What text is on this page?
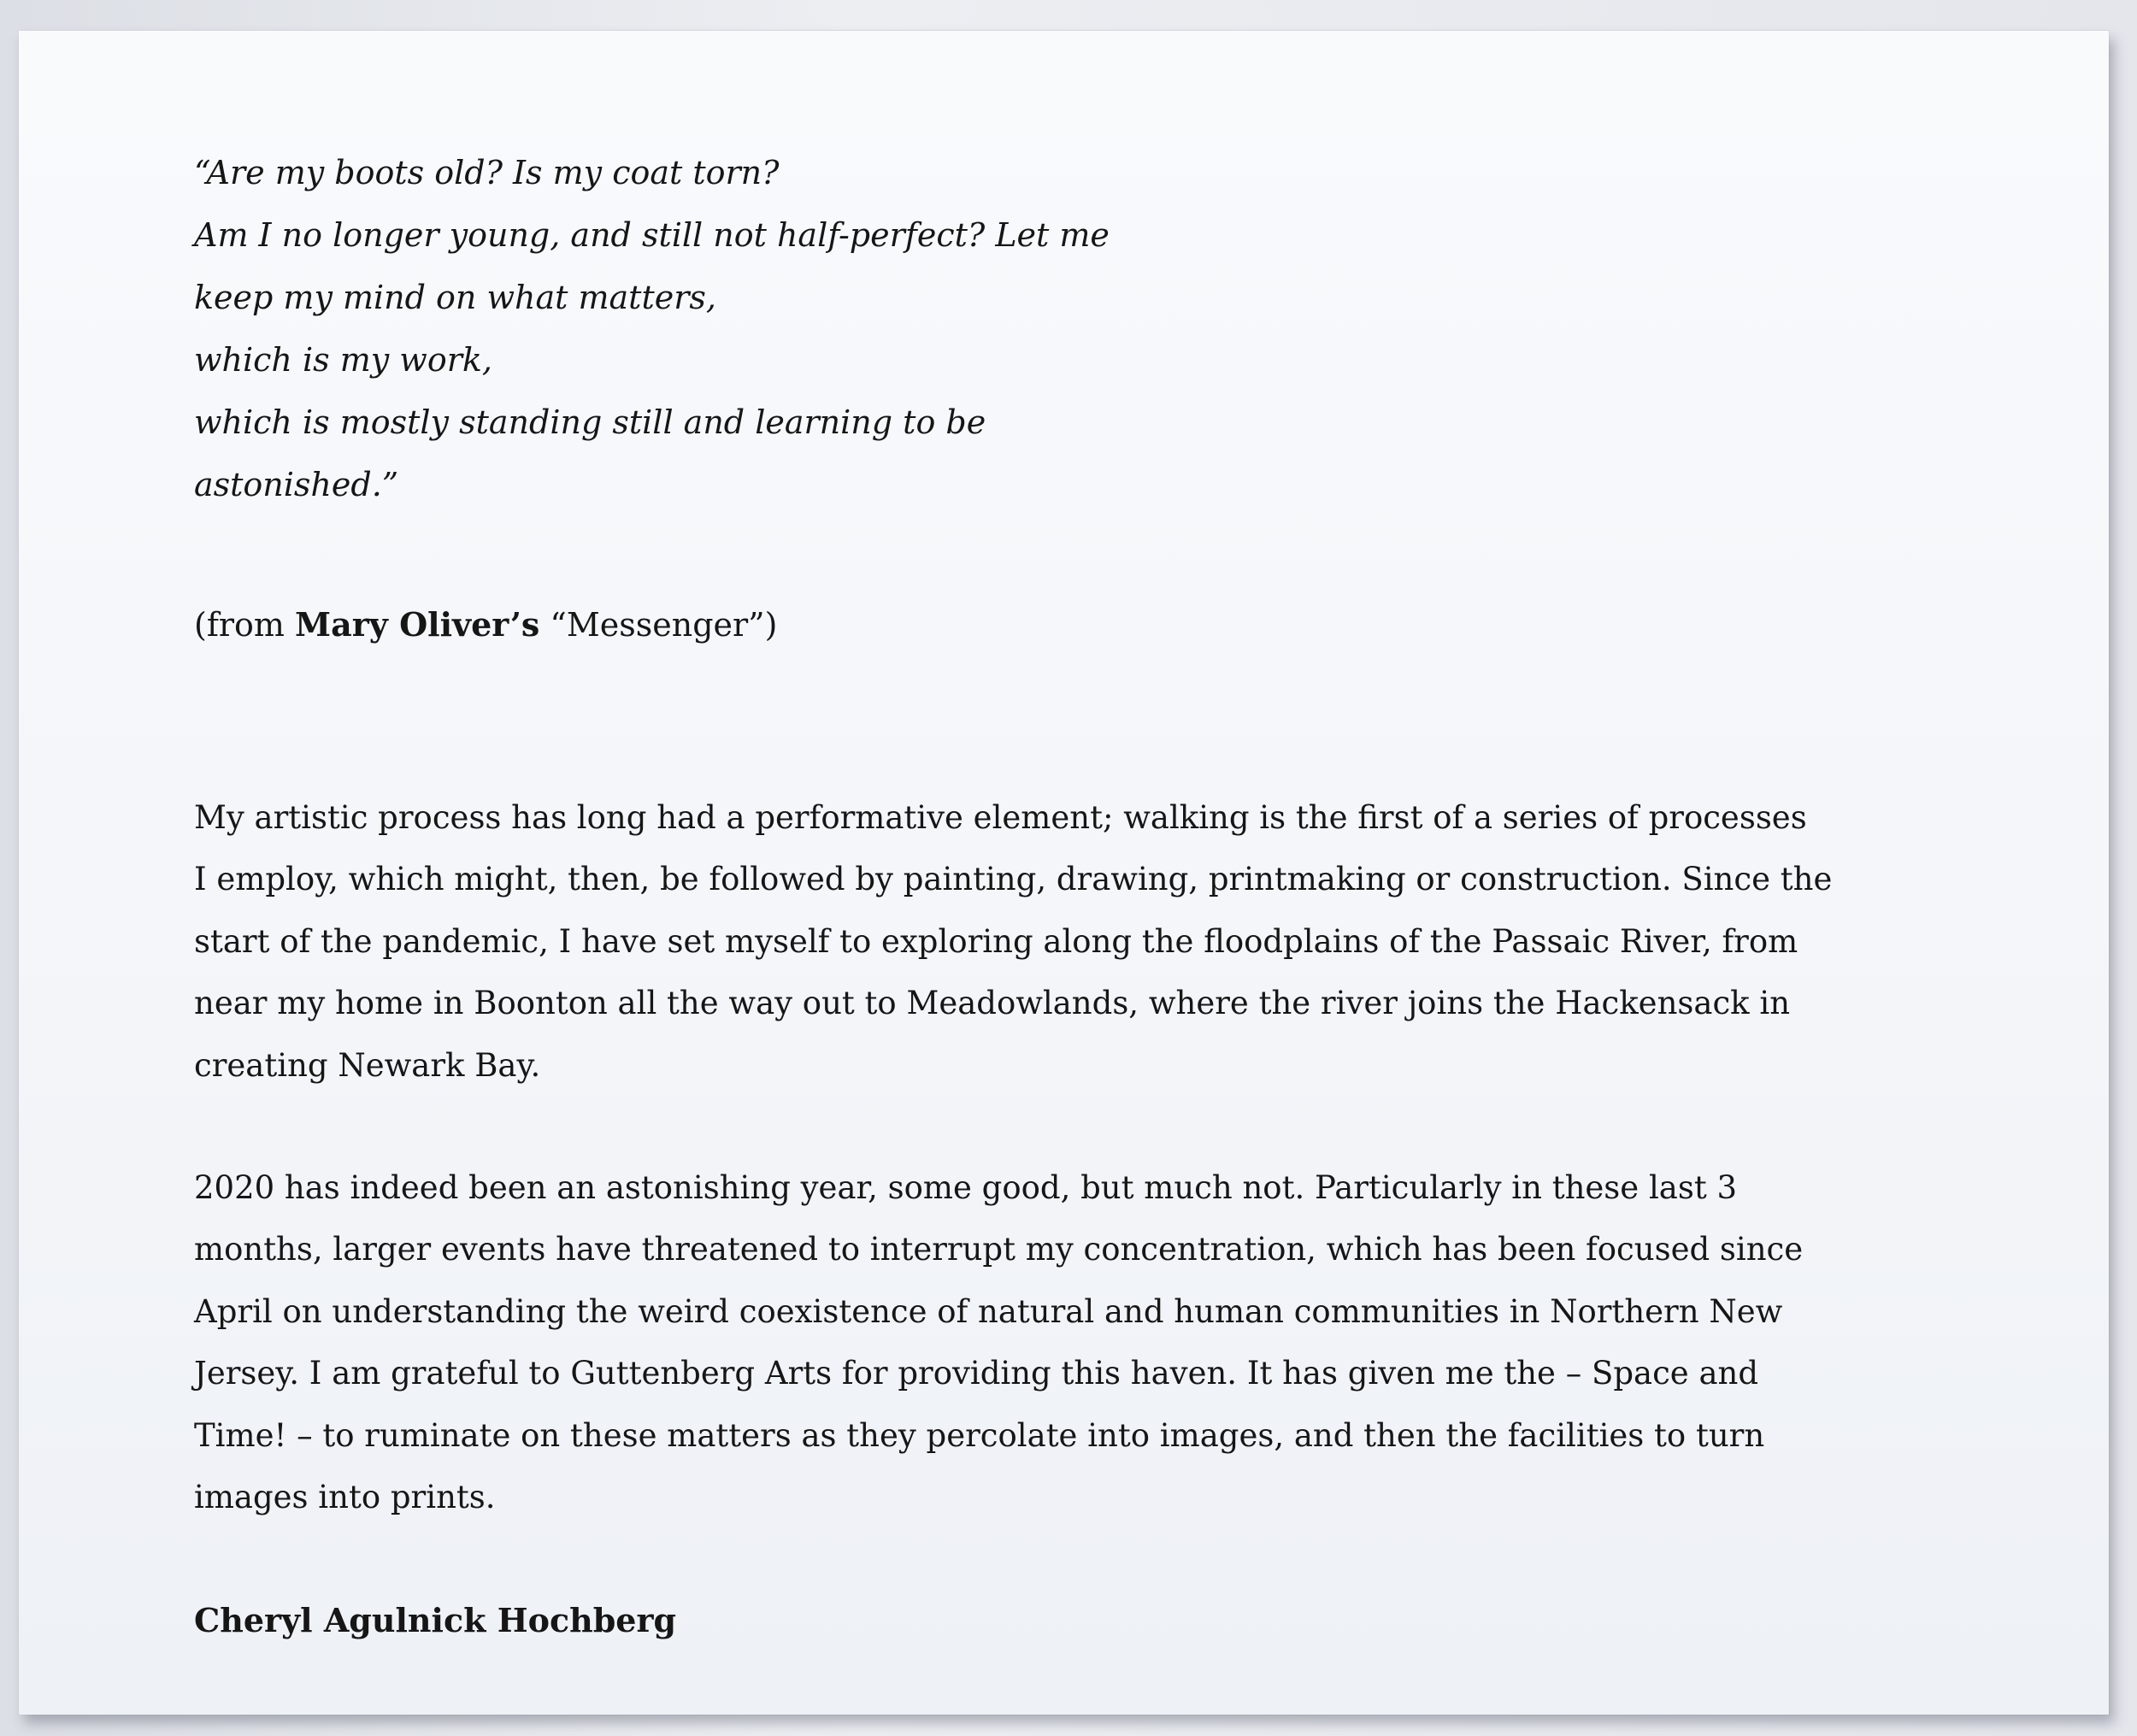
“Are my boots old? Is my coat torn?
Am I no longer young, and still not half-perfect? Let me
keep my mind on what matters,
which is my work,
which is mostly standing still and learning to be
astonished.”
(from Mary Oliver’s “Messenger”)
My artistic process has long had a performative element; walking is the first of a series of processes
I employ, which might, then, be followed by painting, drawing, printmaking or construction. Since the
start of the pandemic, I have set myself to exploring along the floodplains of the Passaic River, from
near my home in Boonton all the way out to Meadowlands, where the river joins the Hackensack in
creating Newark Bay.
2020 has indeed been an astonishing year, some good, but much not. Particularly in these last 3
months, larger events have threatened to interrupt my concentration, which has been focused since
April on understanding the weird coexistence of natural and human communities in Northern New
Jersey. I am grateful to Guttenberg Arts for providing this haven. It has given me the – Space and
Time! – to ruminate on these matters as they percolate into images, and then the facilities to turn
images into prints.
Cheryl Agulnick Hochberg
